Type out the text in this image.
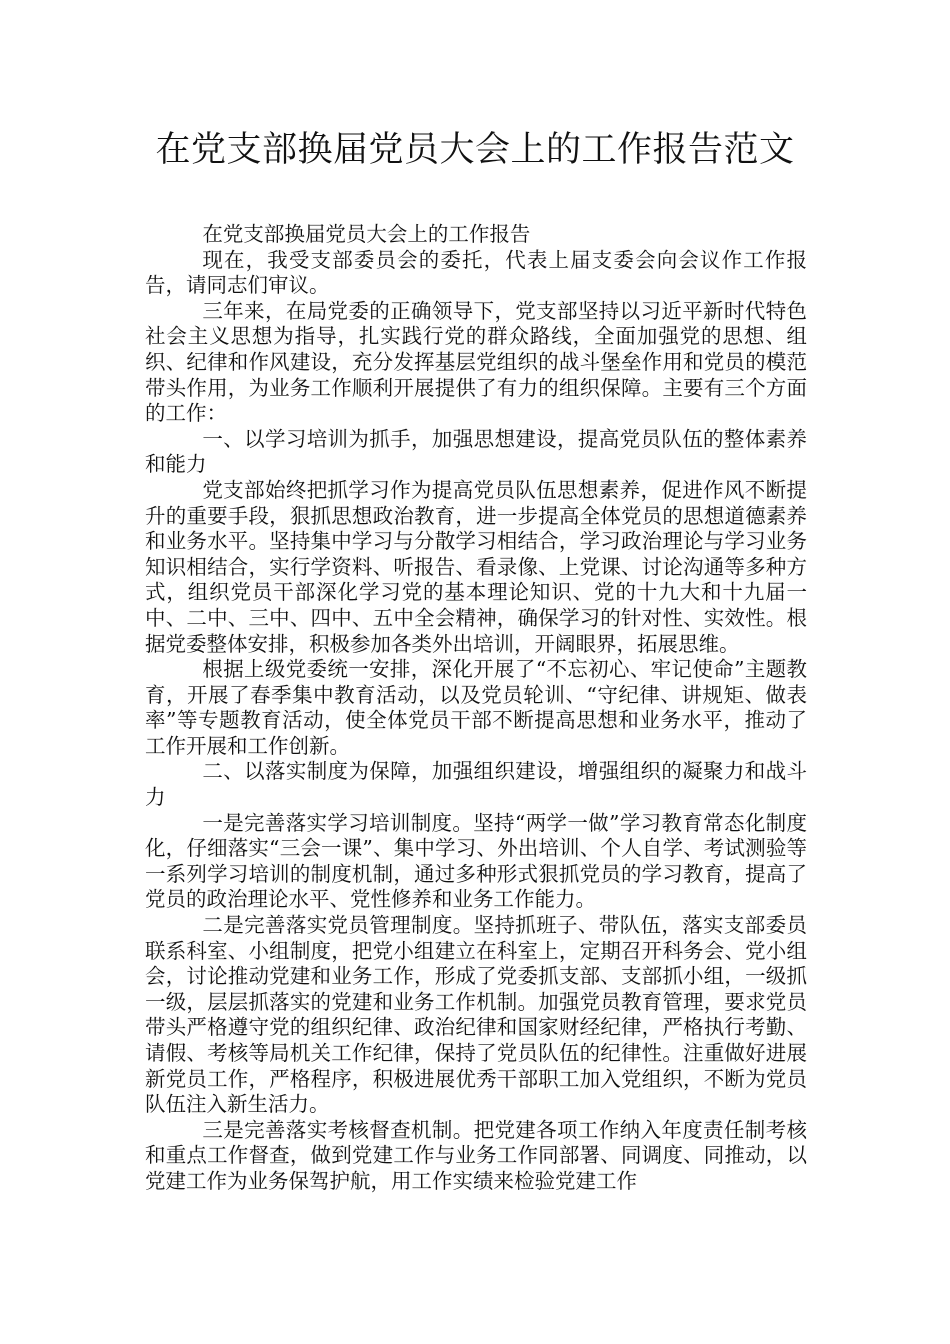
在党支部换届党员大会上的工作报告范文

在党支部换届党员大会上的工作报告

现在，我受支部委员会的委托，代表上届支委会向会议作工作报告，请同志们审议。

三年来，在局党委的正确领导下，党支部坚持以习近平新时代特色社会主义思想为指导，扎实践行党的群众路线，全面加强党的思想、组织、纪律和作风建设，充分发挥基层党组织的战斗堡垒作用和党员的模范带头作用，为业务工作顺利开展提供了有力的组织保障。主要有三个方面的工作：

一、以学习培训为抓手，加强思想建设，提高党员队伍的整体素养和能力

党支部始终把抓学习作为提高党员队伍思想素养，促进作风不断提升的重要手段，狠抓思想政治教育，进一步提高全体党员的思想道德素养和业务水平。坚持集中学习与分散学习相结合，学习政治理论与学习业务知识相结合，实行学资料、听报告、看录像、上党课、讨论沟通等多种方式，组织党员干部深化学习党的基本理论知识、党的十九大和十九届一中、二中、三中、四中、五中全会精神，确保学习的针对性、实效性。根据党委整体安排，积极参加各类外出培训，开阔眼界，拓展思维。

根据上级党委统一安排，深化开展了“不忘初心、牢记使命”主题教育，开展了春季集中教育活动，以及党员轮训、“守纪律、讲规矩、做表率”等专题教育活动，使全体党员干部不断提高思想和业务水平，推动了工作开展和工作创新。

二、以落实制度为保障，加强组织建设，增强组织的凝聚力和战斗力

一是完善落实学习培训制度。坚持“两学一做”学习教育常态化制度化，仔细落实“三会一课”、集中学习、外出培训、个人自学、考试测验等一系列学习培训的制度机制，通过多种形式狠抓党员的学习教育，提高了党员的政治理论水平、党性修养和业务工作能力。

二是完善落实党员管理制度。坚持抓班子、带队伍，落实支部委员联系科室、小组制度，把党小组建立在科室上，定期召开科务会、党小组会，讨论推动党建和业务工作，形成了党委抓支部、支部抓小组，一级抓一级，层层抓落实的党建和业务工作机制。加强党员教育管理，要求党员带头严格遵守党的组织纪律、政治纪律和国家财经纪律，严格执行考勤、请假、考核等局机关工作纪律，保持了党员队伍的纪律性。注重做好进展新党员工作，严格程序，积极进展优秀干部职工加入党组织，不断为党员队伍注入新生活力。

三是完善落实考核督查机制。把党建各项工作纳入年度责任制考核和重点工作督查，做到党建工作与业务工作同部署、同调度、同推动，以党建工作为业务保驾护航，用工作实绩来检验党建工作
